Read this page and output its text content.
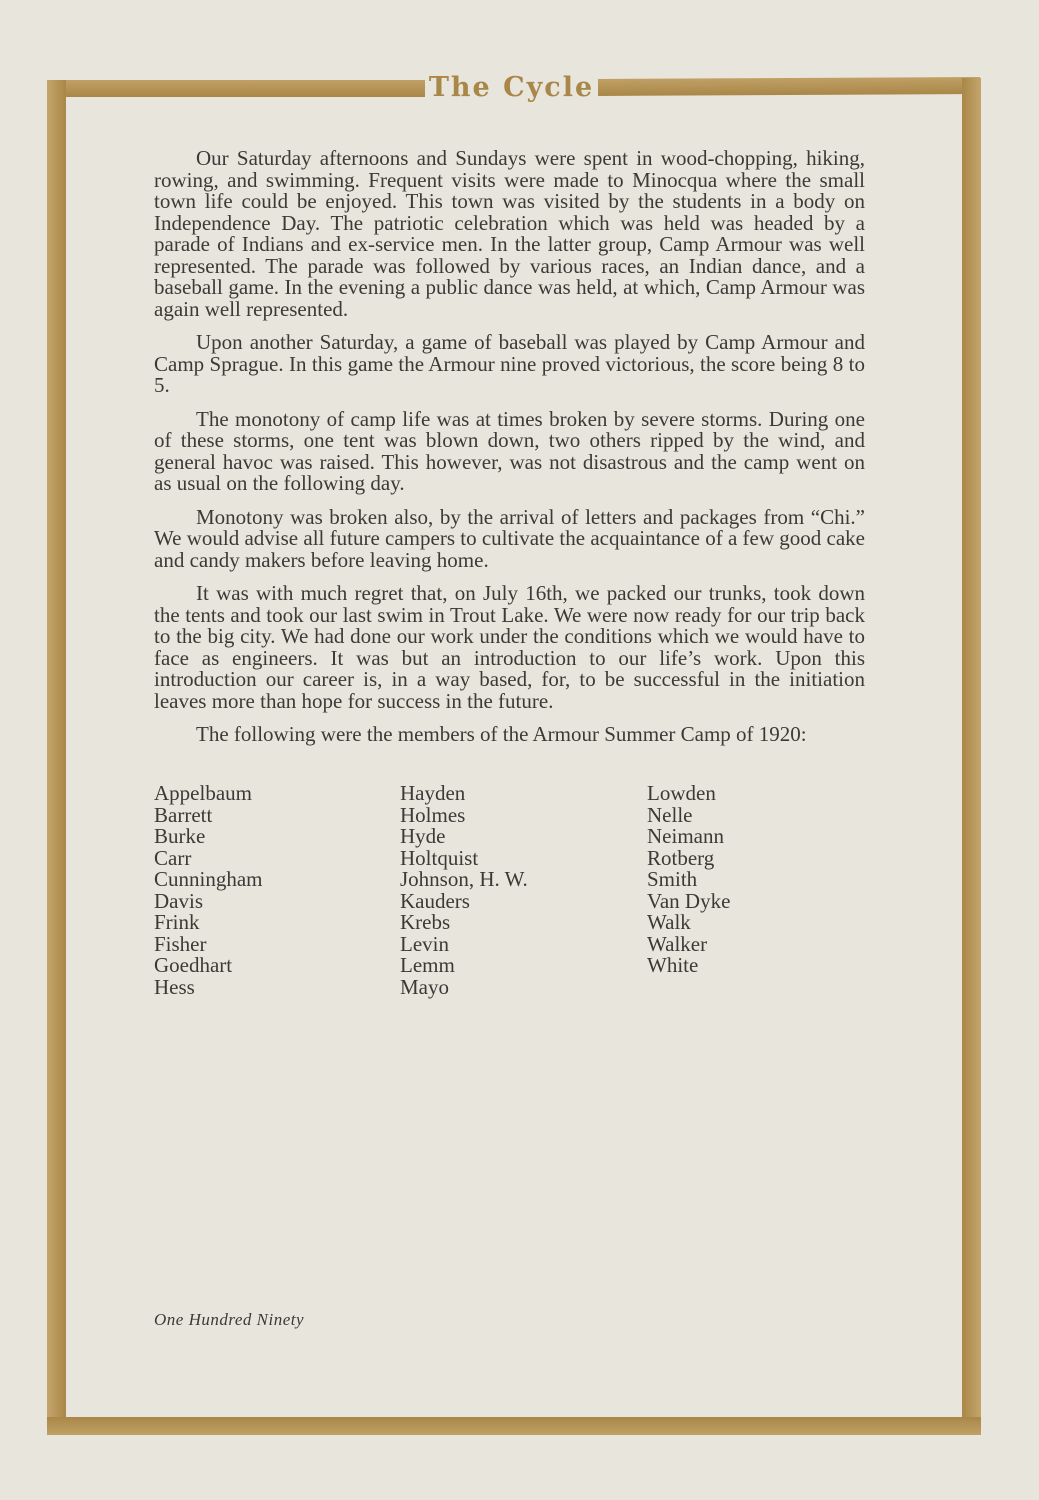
The Cycle

Our Saturday afternoons and Sundays were spent in wood-chopping, hiking, rowing, and swimming. Frequent visits were made to Minocqua where the small town life could be enjoyed. This town was visited by the students in a body on Independence Day. The patriotic celebration which was held was headed by a parade of Indians and ex-service men. In the latter group, Camp Armour was well represented. The parade was followed by various races, an Indian dance, and a baseball game. In the evening a public dance was held, at which, Camp Armour was again well represented.

Upon another Saturday, a game of baseball was played by Camp Armour and Camp Sprague. In this game the Armour nine proved victorious, the score being 8 to 5.

The monotony of camp life was at times broken by severe storms. During one of these storms, one tent was blown down, two others ripped by the wind, and general havoc was raised. This however, was not disastrous and the camp went on as usual on the following day.

Monotony was broken also, by the arrival of letters and packages from “Chi.” We would advise all future campers to cultivate the acquaintance of a few good cake and candy makers before leaving home.

It was with much regret that, on July 16th, we packed our trunks, took down the tents and took our last swim in Trout Lake. We were now ready for our trip back to the big city. We had done our work under the conditions which we would have to face as engineers. It was but an introduction to our life’s work. Upon this introduction our career is, in a way based, for, to be successful in the initiation leaves more than hope for success in the future.

The following were the members of the Armour Summer Camp of 1920:

Appelbaum
Barrett
Burke
Carr
Cunningham
Davis
Frink
Fisher
Goedhart
Hess
Hayden
Holmes
Hyde
Holtquist
Johnson, H. W.
Kauders
Krebs
Levin
Lemm
Mayo
Lowden
Nelle
Neimann
Rotberg
Smith
Van Dyke
Walk
Walker
White
One Hundred Ninety
